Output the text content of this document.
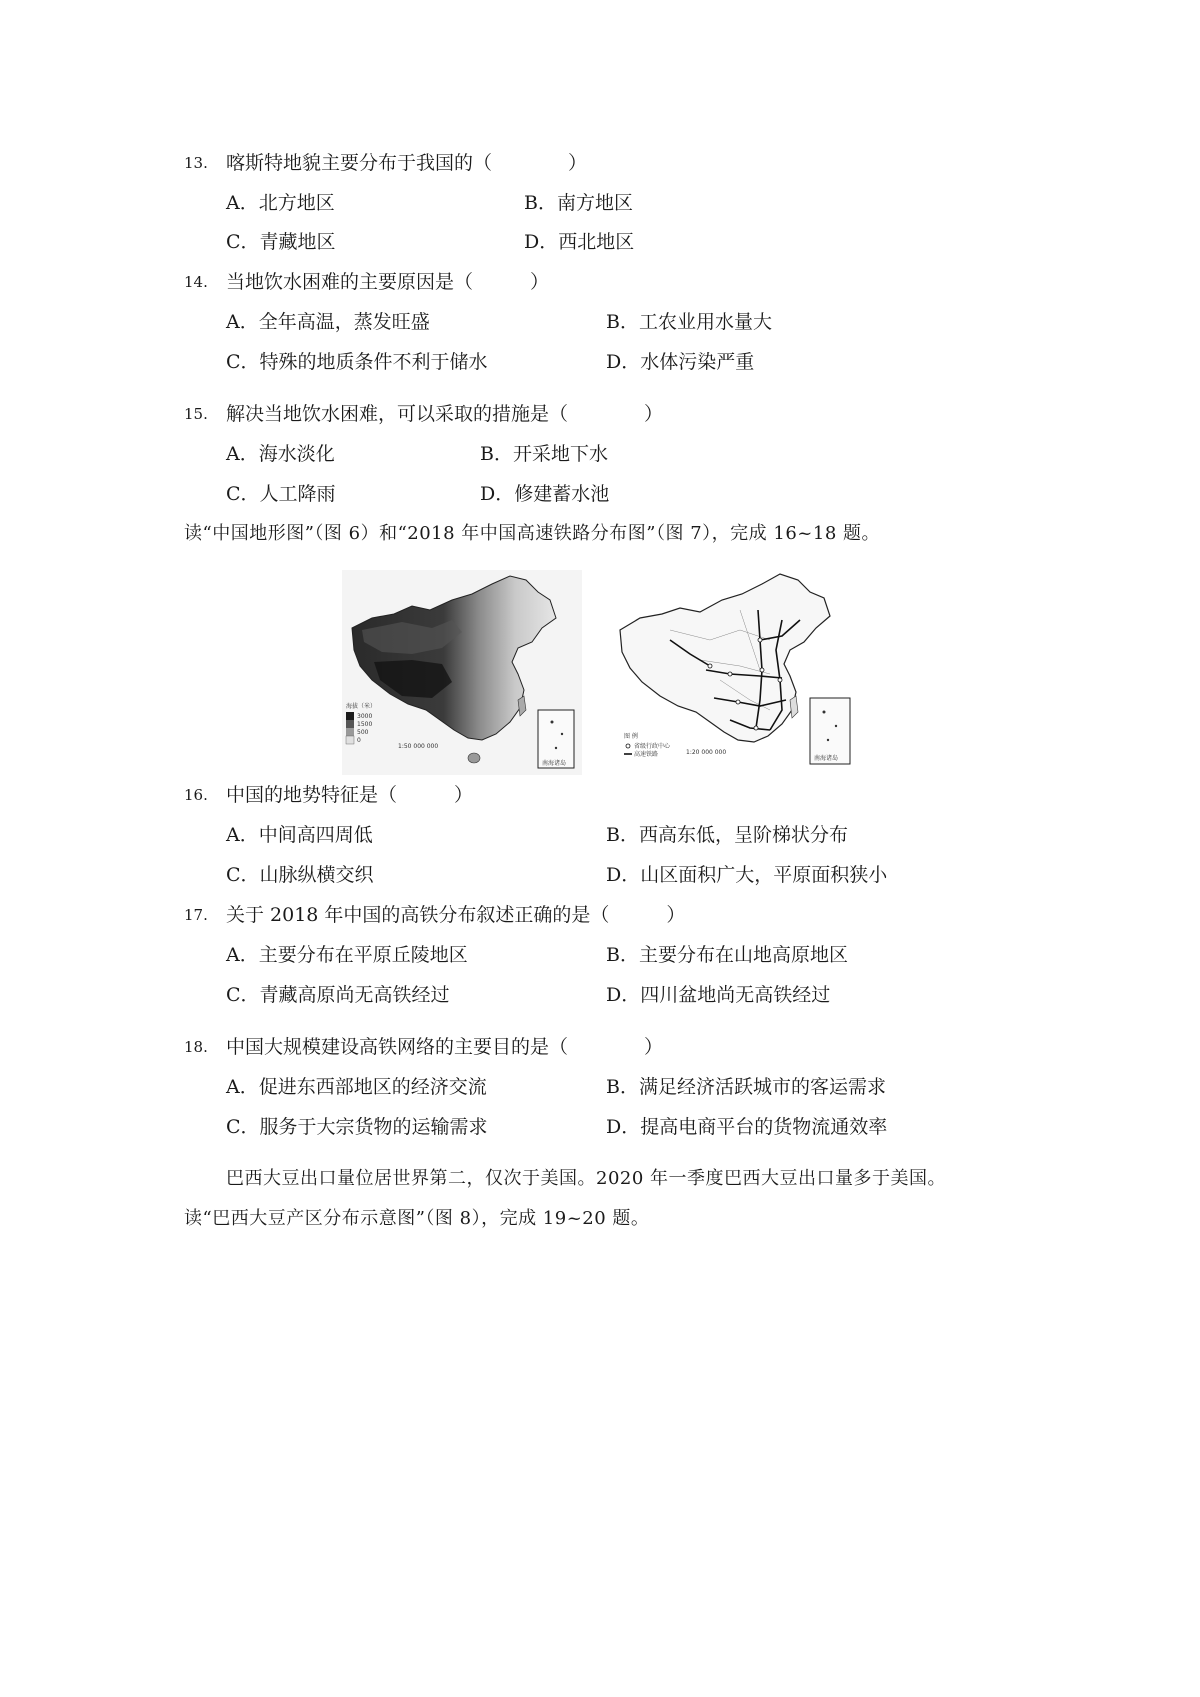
13. 喀斯特地貌主要分布于我国的（　　　　）
A．北方地区	B．南方地区
C．青藏地区	D．西北地区
14. 当地饮水困难的主要原因是（　　　）
A．全年高温，蒸发旺盛	B．工农业用水量大
C．特殊的地质条件不利于储水	D．水体污染严重
15. 解决当地饮水困难，可以采取的措施是（　　　　）
A．海水淡化	B．开采地下水
C．人工降雨	D．修建蓄水池
读“中国地形图”（图 6）和“2018 年中国高速铁路分布图”（图 7），完成 16~18 题。
海拔（米）
3000
1500
500
0
1:50 000 000
南海诸岛
图 例
省级行政中心
高速铁路	1:20 000 000
南海诸岛
16. 中国的地势特征是（　　　）
A．中间高四周低	B．西高东低，呈阶梯状分布
C．山脉纵横交织	D．山区面积广大，平原面积狭小
17. 关于 2018 年中国的高铁分布叙述正确的是（　　　）
A．主要分布在平原丘陵地区	B．主要分布在山地高原地区
C．青藏高原尚无高铁经过	D．四川盆地尚无高铁经过
18. 中国大规模建设高铁网络的主要目的是（　　　　）
A．促进东西部地区的经济交流	B．满足经济活跃城市的客运需求
C．服务于大宗货物的运输需求	D．提高电商平台的货物流通效率
巴西大豆出口量位居世界第二，仅次于美国。2020 年一季度巴西大豆出口量多于美国。
读“巴西大豆产区分布示意图”（图 8），完成 19~20 题。
